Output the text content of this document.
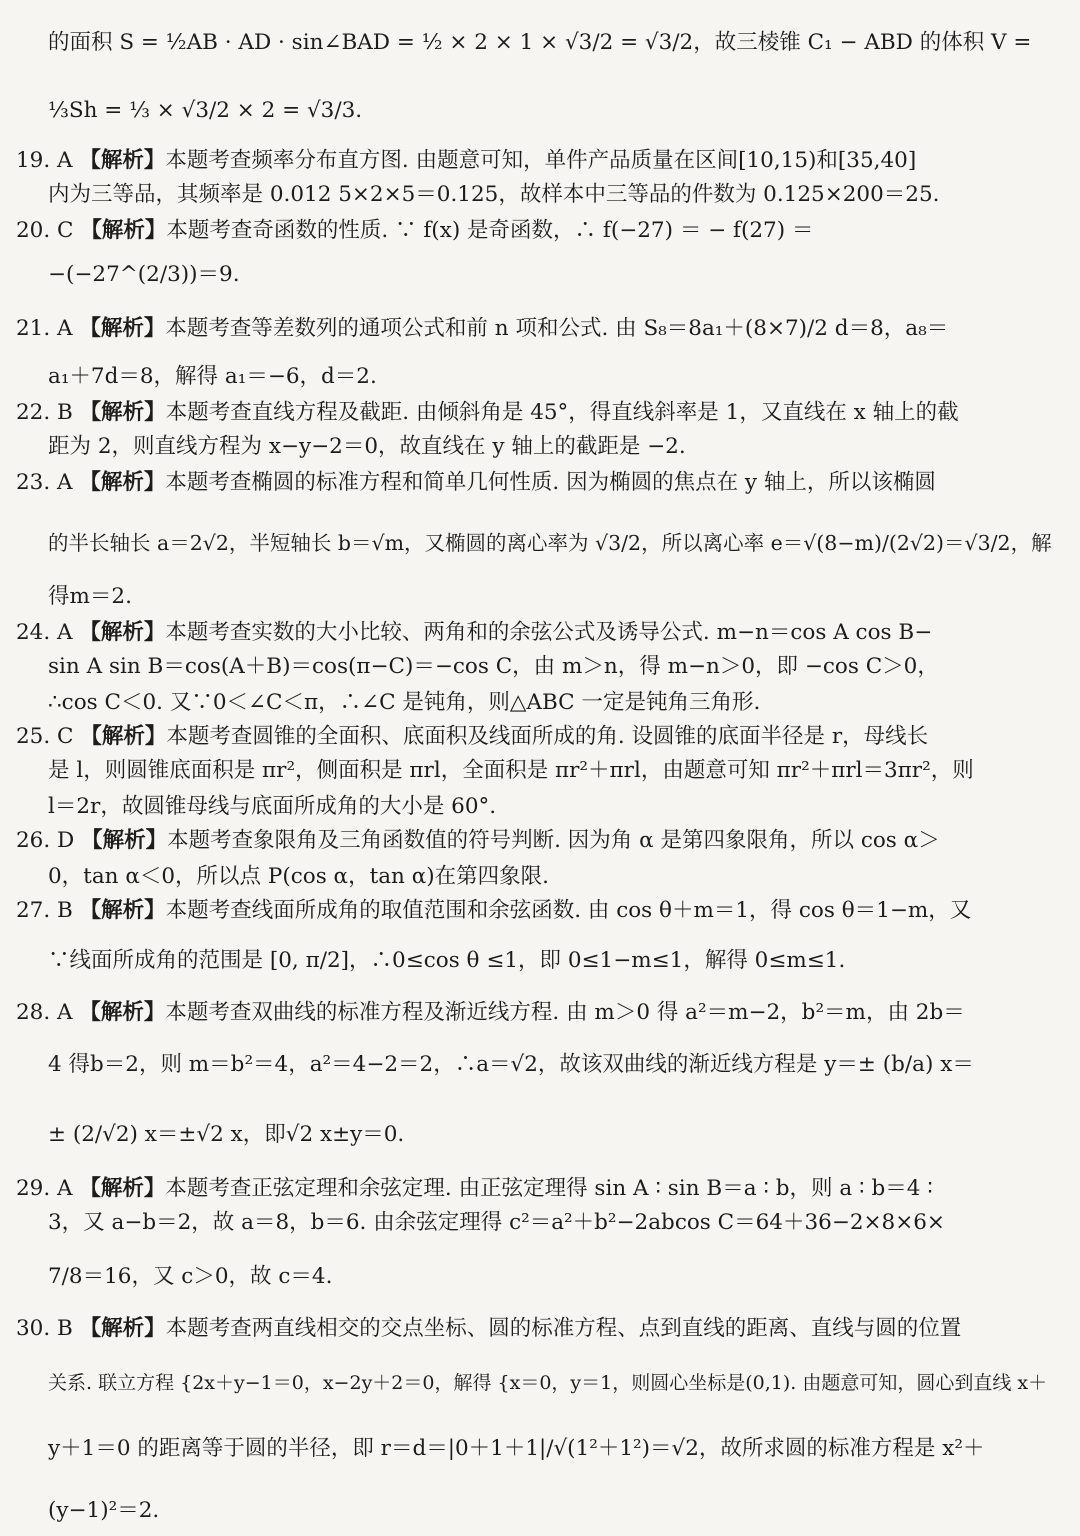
的面积 S = ½AB · AD · sin∠BAD = ½ × 2 × 1 × √3/2 = √3/2，故三棱锥 C₁ − ABD 的体积 V =
⅓Sh = ⅓ × √3/2 × 2 = √3/3.
19. A 【解析】本题考查频率分布直方图. 由题意可知，单件产品质量在区间[10,15)和[35,40]
内为三等品，其频率是 0.012 5×2×5＝0.125，故样本中三等品的件数为 0.125×200＝25.
20. C 【解析】本题考查奇函数的性质. ∵ f(x) 是奇函数，∴ f(−27) ＝ − f(27) ＝
−(−27^(2/3))＝9.
21. A 【解析】本题考查等差数列的通项公式和前 n 项和公式. 由 S₈＝8a₁＋(8×7)/2 d＝8，a₈＝
a₁＋7d＝8，解得 a₁＝−6，d＝2.
22. B 【解析】本题考查直线方程及截距. 由倾斜角是 45°，得直线斜率是 1，又直线在 x 轴上的截
距为 2，则直线方程为 x−y−2＝0，故直线在 y 轴上的截距是 −2.
23. A 【解析】本题考查椭圆的标准方程和简单几何性质. 因为椭圆的焦点在 y 轴上，所以该椭圆
的半长轴长 a＝2√2，半短轴长 b＝√m，又椭圆的离心率为 √3/2，所以离心率 e＝√(8−m)/(2√2)＝√3/2，解
得m＝2.
24. A 【解析】本题考查实数的大小比较、两角和的余弦公式及诱导公式. m−n＝cos A cos B−
sin A sin B＝cos(A＋B)＝cos(π−C)＝−cos C，由 m＞n，得 m−n＞0，即 −cos C＞0，
∴cos C＜0. 又∵0＜∠C＜π，∴∠C 是钝角，则△ABC 一定是钝角三角形.
25. C 【解析】本题考查圆锥的全面积、底面积及线面所成的角. 设圆锥的底面半径是 r，母线长
是 l，则圆锥底面积是 πr²，侧面积是 πrl，全面积是 πr²＋πrl，由题意可知 πr²＋πrl＝3πr²，则
l＝2r，故圆锥母线与底面所成角的大小是 60°.
26. D 【解析】本题考查象限角及三角函数值的符号判断. 因为角 α 是第四象限角，所以 cos α＞
0，tan α＜0，所以点 P(cos α，tan α)在第四象限.
27. B 【解析】本题考查线面所成角的取值范围和余弦函数. 由 cos θ＋m＝1，得 cos θ＝1−m，又
∵线面所成角的范围是 [0, π/2]，∴0≤cos θ ≤1，即 0≤1−m≤1，解得 0≤m≤1.
28. A 【解析】本题考查双曲线的标准方程及渐近线方程. 由 m＞0 得 a²＝m−2，b²＝m，由 2b＝
4 得b＝2，则 m＝b²＝4，a²＝4−2＝2，∴a＝√2，故该双曲线的渐近线方程是 y＝± (b/a) x＝
± (2/√2) x＝±√2 x，即√2 x±y＝0.
29. A 【解析】本题考查正弦定理和余弦定理. 由正弦定理得 sin A ∶ sin B＝a ∶ b，则 a ∶ b＝4 ∶
3，又 a−b＝2，故 a＝8，b＝6. 由余弦定理得 c²＝a²＋b²−2abcos C＝64＋36−2×8×6×
7/8＝16，又 c＞0，故 c＝4.
30. B 【解析】本题考查两直线相交的交点坐标、圆的标准方程、点到直线的距离、直线与圆的位置
关系. 联立方程 {2x＋y−1＝0，x−2y＋2＝0，解得 {x＝0，y＝1，则圆心坐标是(0,1). 由题意可知，圆心到直线 x＋
y＋1＝0 的距离等于圆的半径，即 r＝d＝|0＋1＋1|/√(1²＋1²)＝√2，故所求圆的标准方程是 x²＋
(y−1)²＝2.
